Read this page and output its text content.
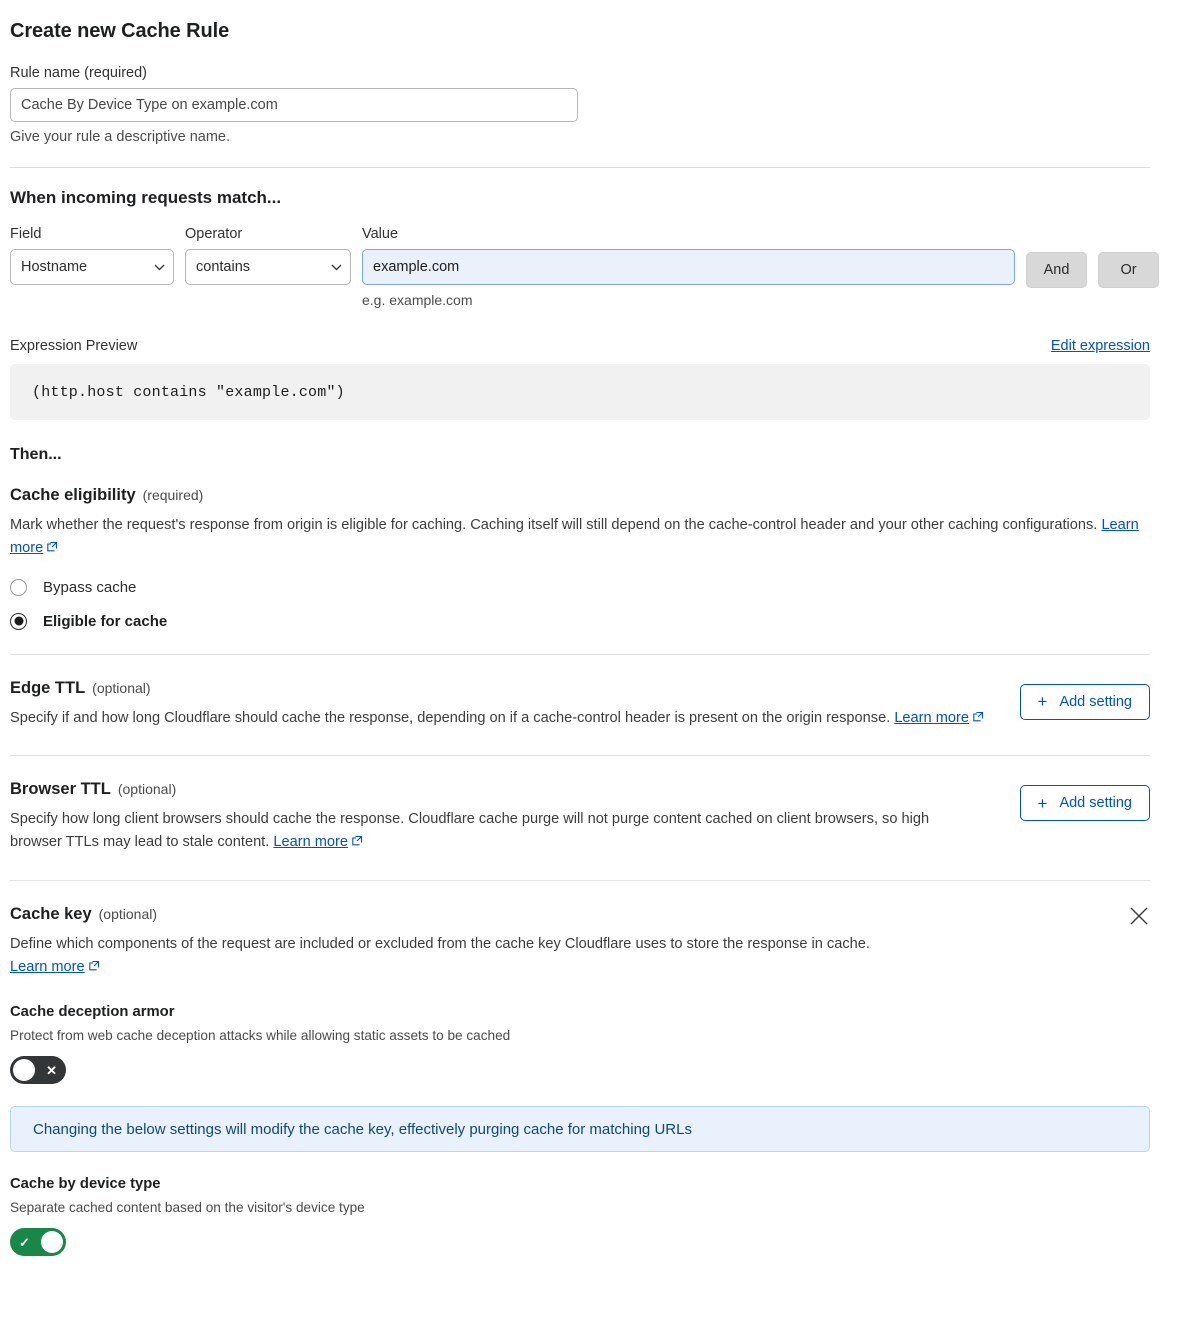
Create new Cache Rule
Rule name (required)
Cache By Device Type on example.com
Give your rule a descriptive name.
When incoming requests match...
Field
Hostname
Operator
contains
Value
example.com
e.g. example.com
And	Or
Expression Preview	Edit expression
(http.host contains "example.com")
Then...
Cache eligibility (required)
Mark whether the request's response from origin is eligible for caching. Caching itself will still depend on the cache-control header and your other caching configurations. Learn more
Bypass cache
Eligible for cache
Edge TTL (optional)
Specify if and how long Cloudflare should cache the response, depending on if a cache-control header is present on the origin response. Learn more
+ Add setting
Browser TTL (optional)
Specify how long client browsers should cache the response. Cloudflare cache purge will not purge content cached on client browsers, so high browser TTLs may lead to stale content. Learn more
+ Add setting
Cache key (optional)
Define which components of the request are included or excluded from the cache key Cloudflare uses to store the response in cache.
Learn more
Cache deception armor
Protect from web cache deception attacks while allowing static assets to be cached
✕
Changing the below settings will modify the cache key, effectively purging cache for matching URLs
Cache by device type
Separate cached content based on the visitor's device type
✓
